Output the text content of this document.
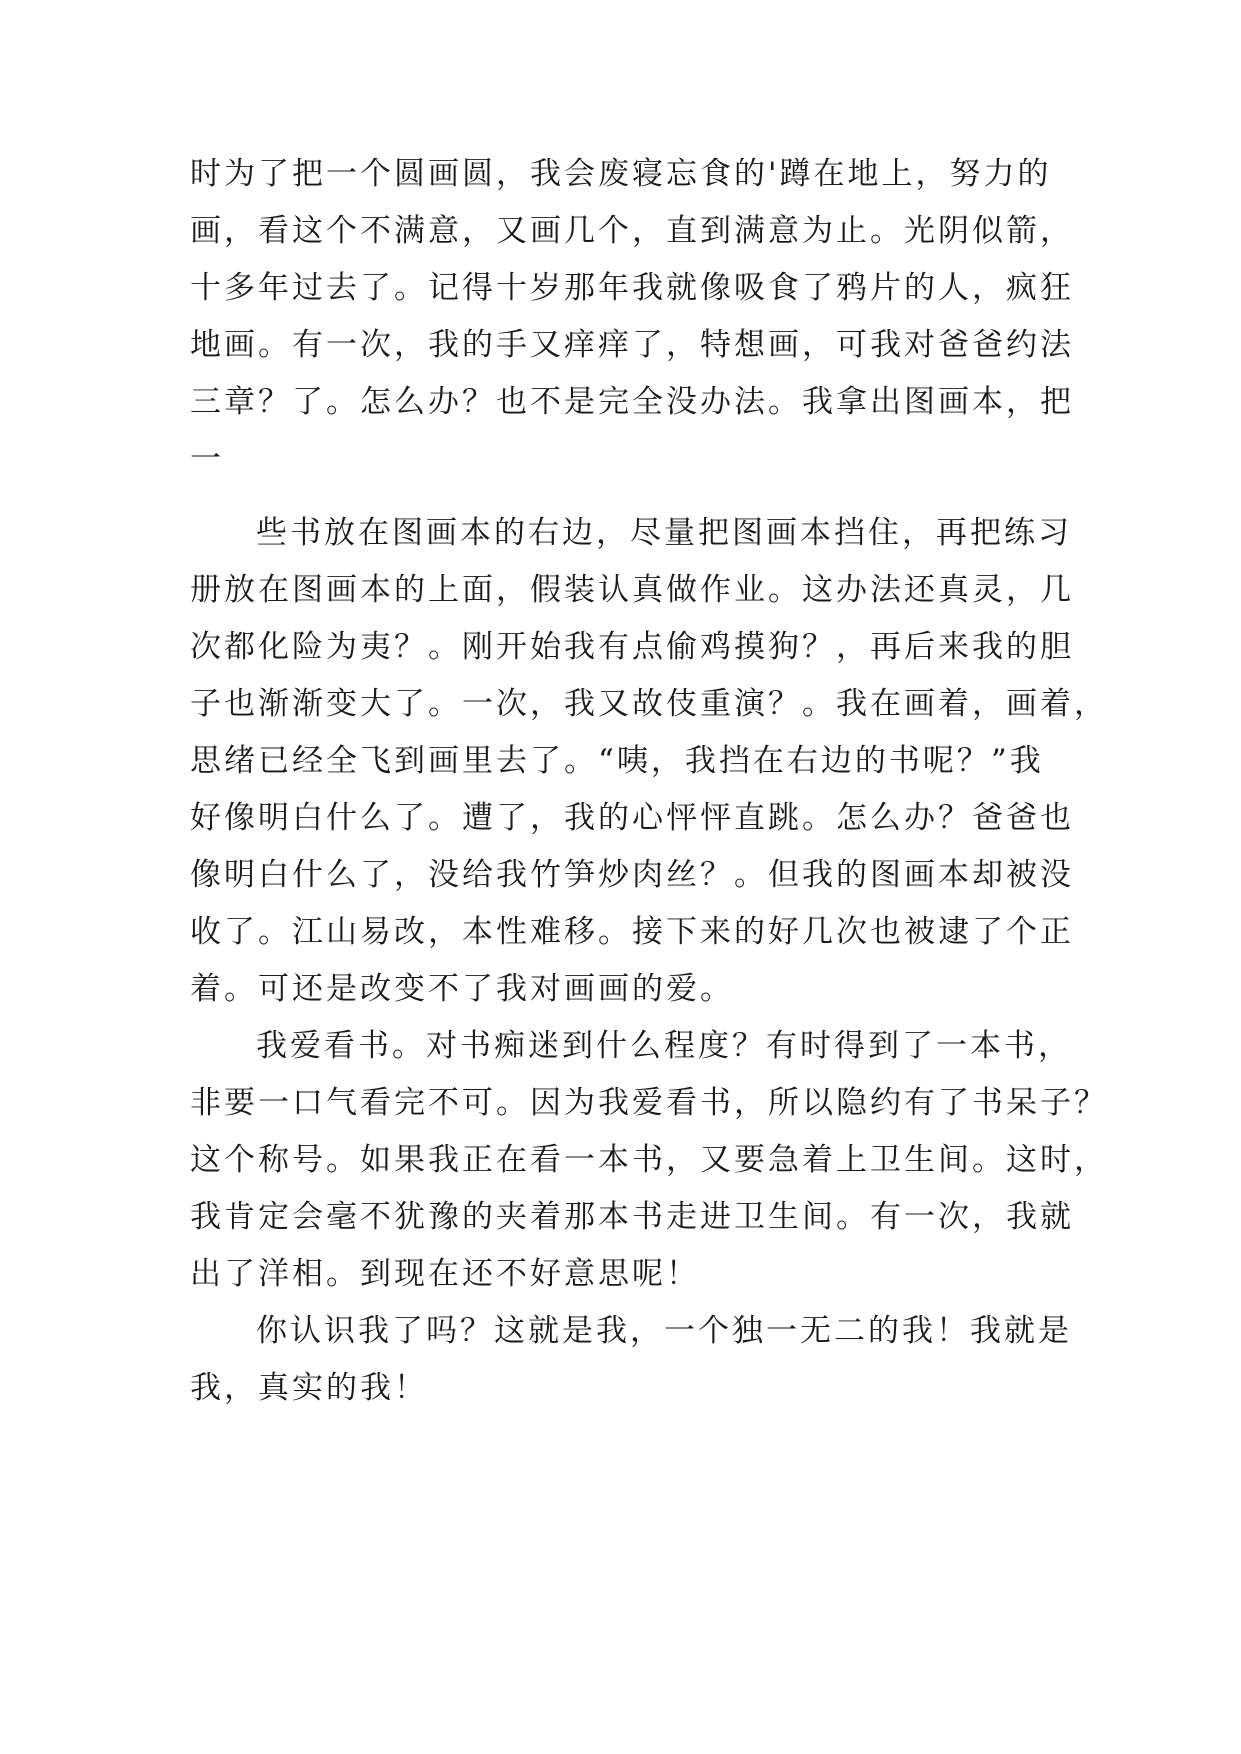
时为了把一个圆画圆，我会废寝忘食的'蹲在地上，努力的
画，看这个不满意，又画几个，直到满意为止。光阴似箭，
十多年过去了。记得十岁那年我就像吸食了鸦片的人，疯狂
地画。有一次，我的手又痒痒了，特想画，可我对爸爸约法
三章？了。怎么办？也不是完全没办法。我拿出图画本，把
一
些书放在图画本的右边，尽量把图画本挡住，再把练习
册放在图画本的上面，假装认真做作业。这办法还真灵，几
次都化险为夷？。刚开始我有点偷鸡摸狗？，再后来我的胆
子也渐渐变大了。一次，我又故伎重演？。我在画着，画着，
思绪已经全飞到画里去了。“咦，我挡在右边的书呢？”我
好像明白什么了。遭了，我的心怦怦直跳。怎么办？爸爸也
像明白什么了，没给我竹笋炒肉丝？。但我的图画本却被没
收了。江山易改，本性难移。接下来的好几次也被逮了个正
着。可还是改变不了我对画画的爱。
我爱看书。对书痴迷到什么程度？有时得到了一本书，
非要一口气看完不可。因为我爱看书，所以隐约有了书呆子？
这个称号。如果我正在看一本书，又要急着上卫生间。这时，
我肯定会毫不犹豫的夹着那本书走进卫生间。有一次，我就
出了洋相。到现在还不好意思呢！
你认识我了吗？这就是我，一个独一无二的我！我就是
我，真实的我！
